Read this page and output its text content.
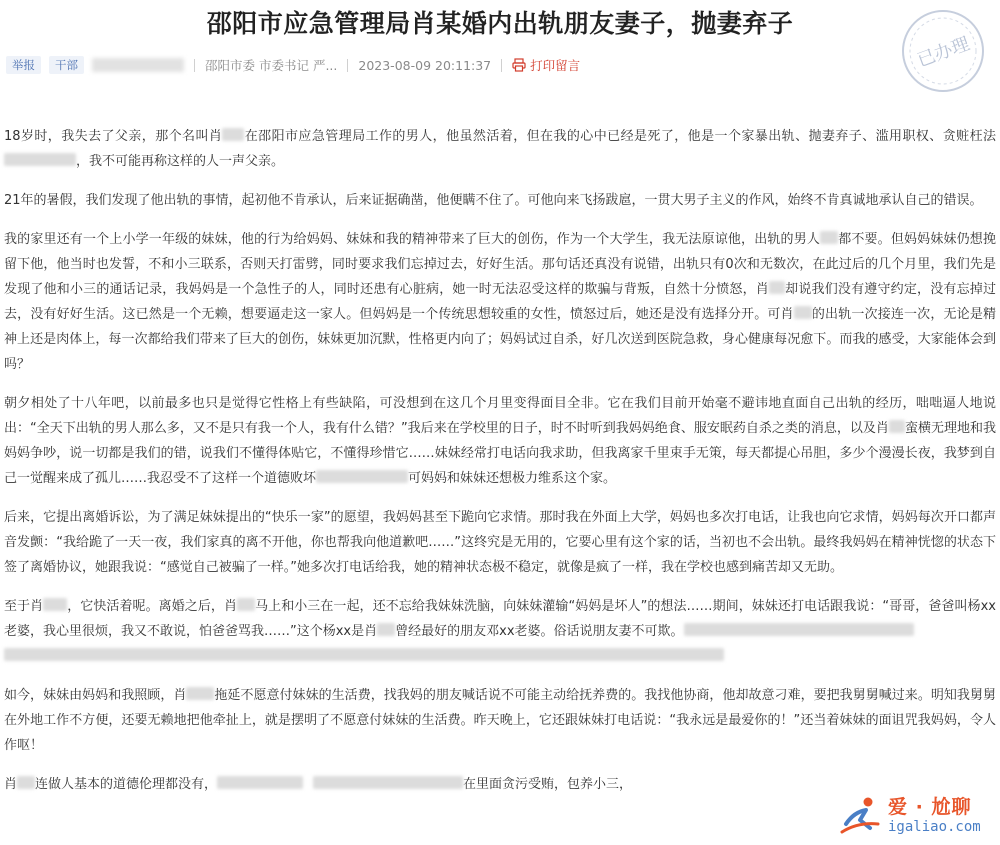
邵阳市应急管理局肖某婚内出轨朋友妻子，抛妻弃子
举报	干部	邵阳市委 市委书记 严... 2023-08-09 20:11:37	打印留言	已办理

18岁时，我失去了父亲，那个名叫肖 在邵阳市应急管理局工作的男人，他虽然活着，但在我的心中已经是死了，他是一个家暴出轨、抛妻弃子、滥用职权、贪赃枉法，我不可能再称这样的人一声父亲。

21年的暑假，我们发现了他出轨的事情，起初他不肯承认，后来证据确凿，他便瞒不住了。可他向来飞扬跋扈，一贯大男子主义的作风，始终不肯真诚地承认自己的错误。

我的家里还有一个上小学一年级的妹妹，他的行为给妈妈、妹妹和我的精神带来了巨大的创伤，作为一个大学生，我无法原谅他，出轨的男人 都不要。但妈妈妹妹仍想挽留下他，他当时也发誓，不和小三联系，否则天打雷劈，同时要求我们忘掉过去，好好生活。那句话还真没有说错，出轨只有0次和无数次，在此过后的几个月里，我们先是发现了他和小三的通话记录，我妈妈是一个急性子的人，同时还患有心脏病，她一时无法忍受这样的欺骗与背叛，自然十分愤怒，肖 却说我们没有遵守约定，没有忘掉过去，没有好好生活。这已然是一个无赖，想要逼走这一家人。但妈妈是一个传统思想较重的女性，愤怒过后，她还是没有选择分开。可肖 的出轨一次接连一次，无论是精神上还是肉体上，每一次都给我们带来了巨大的创伤，妹妹更加沉默，性格更内向了；妈妈试过自杀，好几次送到医院急救，身心健康每况愈下。而我的感受，大家能体会到吗？

朝夕相处了十八年吧，以前最多也只是觉得它性格上有些缺陷，可没想到在这几个月里变得面目全非。它在我们目前开始毫不避讳地直面自己出轨的经历，咄咄逼人地说出：“全天下出轨的男人那么多，又不是只有我一个人，我有什么错？”我后来在学校里的日子，时不时听到我妈妈绝食、服安眠药自杀之类的消息，以及肖 蛮横无理地和我妈妈争吵，说一切都是我们的错，说我们不懂得体贴它，不懂得珍惜它……妹妹经常打电话向我求助，但我离家千里束手无策，每天都提心吊胆，多少个漫漫长夜，我梦到自己一觉醒来成了孤儿……我忍受不了这样一个道德败坏	可妈妈和妹妹还想极力维系这个家。

后来，它提出离婚诉讼，为了满足妹妹提出的“快乐一家”的愿望，我妈妈甚至下跪向它求情。那时我在外面上大学，妈妈也多次打电话，让我也向它求情，妈妈每次开口都声音发颤：“我给跪了一天一夜，我们家真的离不开他，你也帮我向他道歉吧……”这终究是无用的，它要心里有这个家的话，当初也不会出轨。最终我妈妈在精神恍惚的状态下签了离婚协议，她跟我说：“感觉自己被骗了一样。”她多次打电话给我，她的精神状态极不稳定，就像是疯了一样，我在学校也感到痛苦却又无助。

至于肖 ，它快活着呢。离婚之后，肖 马上和小三在一起，还不忘给我妹妹洗脑，向妹妹灌输“妈妈是坏人”的想法……期间，妹妹还打电话跟我说：“哥哥，爸爸叫杨xx老婆，我心里很烦，我又不敢说，怕爸爸骂我……”这个杨xx是肖 曾经最好的朋友邓xx老婆。俗话说朋友妻不可欺。

如今，妹妹由妈妈和我照顾，肖 拖延不愿意付妹妹的生活费，找我妈的朋友喊话说不可能主动给抚养费的。我找他协商，他却故意刁难，要把我舅舅喊过来。明知我舅舅在外地工作不方便，还要无赖地把他牵扯上，就是摆明了不愿意付妹妹的生活费。昨天晚上，它还跟妹妹打电话说：“我永远是最爱你的！”还当着妹妹的面诅咒我妈妈，令人作呕！

肖 连做人基本的道德伦理都没有，	在里面贪污受贿，包养小三，

爱 · 尬聊
igaliao.com
